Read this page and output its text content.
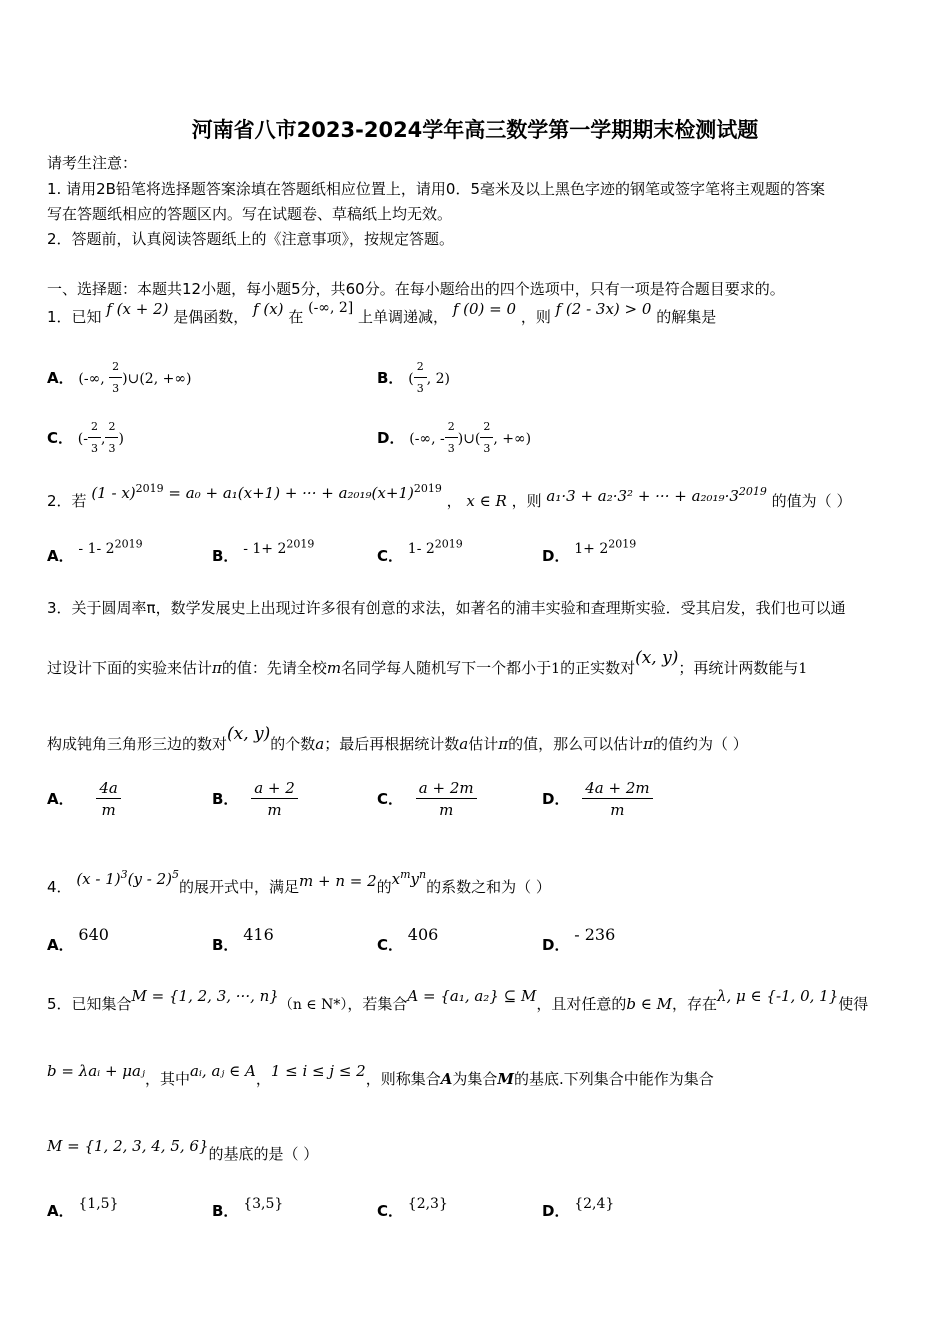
河南省八市2023-2024学年高三数学第一学期期末检测试题
请考生注意：
1. 请用2B铅笔将选择题答案涂填在答题纸相应位置上，请用0．5毫米及以上黑色字迹的钢笔或签字笔将主观题的答案
写在答题纸相应的答题区内。写在试题卷、草稿纸上均无效。
2．答题前，认真阅读答题纸上的《注意事项》，按规定答题。
一、选择题：本题共12小题，每小题5分，共60分。在每小题给出的四个选项中，只有一项是符合题目要求的。
1．已知 f (x + 2) 是偶函数， f (x) 在 (-∞, 2] 上单调递减， f (0) = 0 ，则 f (2 - 3x) > 0 的解集是
A． (-∞, $\frac{2}{3}$ )∪(2, +∞)	B． ( $\frac{2}{3}$ , 2)
C． (- $\frac{2}{3}$ , $\frac{2}{3}$ )	D． (-∞, - $\frac{2}{3}$ )∪( $\frac{2}{3}$ , +∞)
2．若 (1 - x)$^{2019}$ = a₀ + a₁(x+1) + ··· + $a_{2019}(x+1)^{2019}$ ， x ∈ R ，则 a₁·3 + a₂·3² + ··· + $a_{2019}\cdot 3^{2019}$ 的值为（ ）
A． - 1- $2^{2019}$
B． - $1+ 2^{2019}$
C． 1- $2^{2019}$
D． $1+ 2^{2019}$
3．关于圆周率π，数学发展史上出现过许多很有创意的求法，如著名的浦丰实验和查理斯实验．受其启发，我们也可以通
过设计下面的实验来估计π的值：先请全校m名同学每人随机写下一个都小于1的正实数对(x, y)；再统计两数能与1
构成钝角三角形三边的数对(x, y)的个数a；最后再根据统计数a估计π的值，那么可以估计π的值约为（ ）
A． $\frac{4a}{m}$	B． $\frac{a + 2}{m}$	C． $\frac{a + 2m}{m}$	D． $\frac{4a + 2m}{m}$
4． (x - 1)$^3$(y - 2)$^5$的展开式中，满足m + n = 2的$x^my^n$的系数之和为（ ）
A． 640
B． 416
C． 406
D． - 236
5．已知集合M = {1, 2, 3, ···, n}（n ∈ N*），若集合A = {a₁, a₂} ⊆ M，且对任意的b ∈ M，存在λ, μ ∈ {-1, 0, 1}使得
b = λaᵢ + μaⱼ，其中aᵢ, aⱼ ∈ A，1 ≤ i ≤ j ≤ 2，则称集合A为集合M的基底.下列集合中能作为集合
M = {1, 2, 3, 4, 5, 6}的基底的是（ ）
A． {1,5}	B． {3,5}	C． {2,3}	D． {2,4}
